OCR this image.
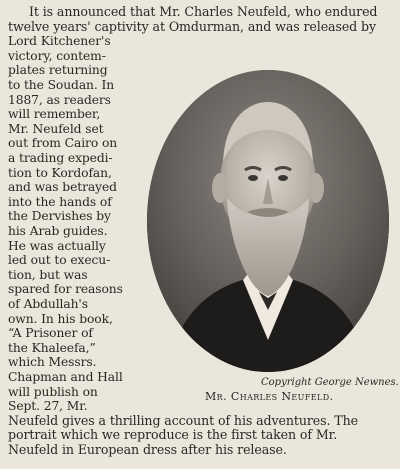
It is announced that Mr. Charles Neufeld, who endured
twelve years' captivity at Omdurman, and was released by
Lord Kitchener's
victory, contem-
plates returning
to the Soudan. In
1887, as readers
will remember,
Mr. Neufeld set
out from Cairo on
a trading expedi-
tion to Kordofan,
and was betrayed
into the hands of
the Dervishes by
his Arab guides.
He was actually
led out to execu-
tion, but was
spared for reasons
of Abdullah's
own. In his book,
“A Prisoner of
the Khaleefa,”
which Messrs.
Chapman and Hall
will publish on
Sept. 27, Mr.
Neufeld gives a thrilling account of his adventures. The
portrait which we reproduce is the first taken of Mr.
Neufeld in European dress after his release.
Copyright George Newnes.
Mr. Charles Neufeld.
